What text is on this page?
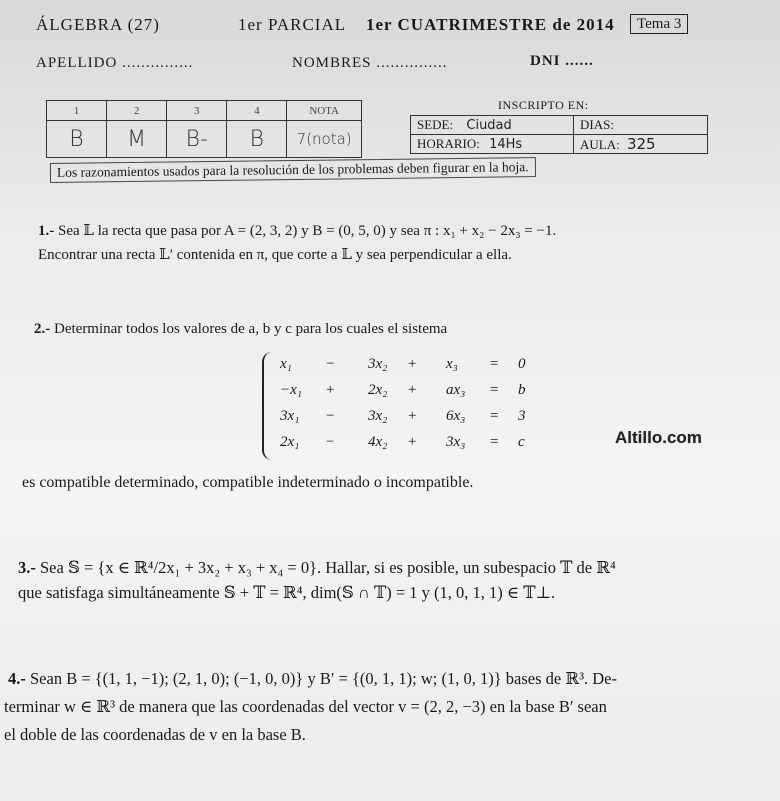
ÁLGEBRA (27)	1er PARCIAL 1er CUATRIMESTRE de 2014	Tema 3
APELLIDO ...............	NOMBRES ...............	DNI ......
1	2	3	4	NOTA
B	M	B-	B	7(nota)
INSCRIPTO EN:
SEDE: Ciudad	DIAS:
HORARIO: 14Hs	AULA: 325
Los razonamientos usados para la resolución de los problemas deben figurar en la hoja.
1.- Sea 𝕃 la recta que pasa por A = (2, 3, 2) y B = (0, 5, 0) y sea π : x₁ + x₂ − 2x₃ = −1.
Encontrar una recta 𝕃′ contenida en π, que corte a 𝕃 y sea perpendicular a ella.
2.- Determinar todos los valores de a, b y c para los cuales el sistema
x₁ − 3x₂ + x₃ = 0
−x₁ + 2x₂ + ax₃ = b
3x₁ − 3x₂ + 6x₃ = 3
2x₁ − 4x₂ + 3x₃ = c	Altillo.com
es compatible determinado, compatible indeterminado o incompatible.
3.- Sea 𝕊 = {x ∈ ℝ⁴/2x₁ + 3x₂ + x₃ + x₄ = 0}. Hallar, si es posible, un subespacio 𝕋 de ℝ⁴
que satisfaga simultáneamente 𝕊 + 𝕋 = ℝ⁴, dim(𝕊 ∩ 𝕋) = 1 y (1, 0, 1, 1) ∈ 𝕋⊥.
4.- Sean B = {(1, 1, −1); (2, 1, 0); (−1, 0, 0)} y B′ = {(0, 1, 1); w; (1, 0, 1)} bases de ℝ³. De-
terminar w ∈ ℝ³ de manera que las coordenadas del vector v = (2, 2, −3) en la base B′ sean
el doble de las coordenadas de v en la base B.
